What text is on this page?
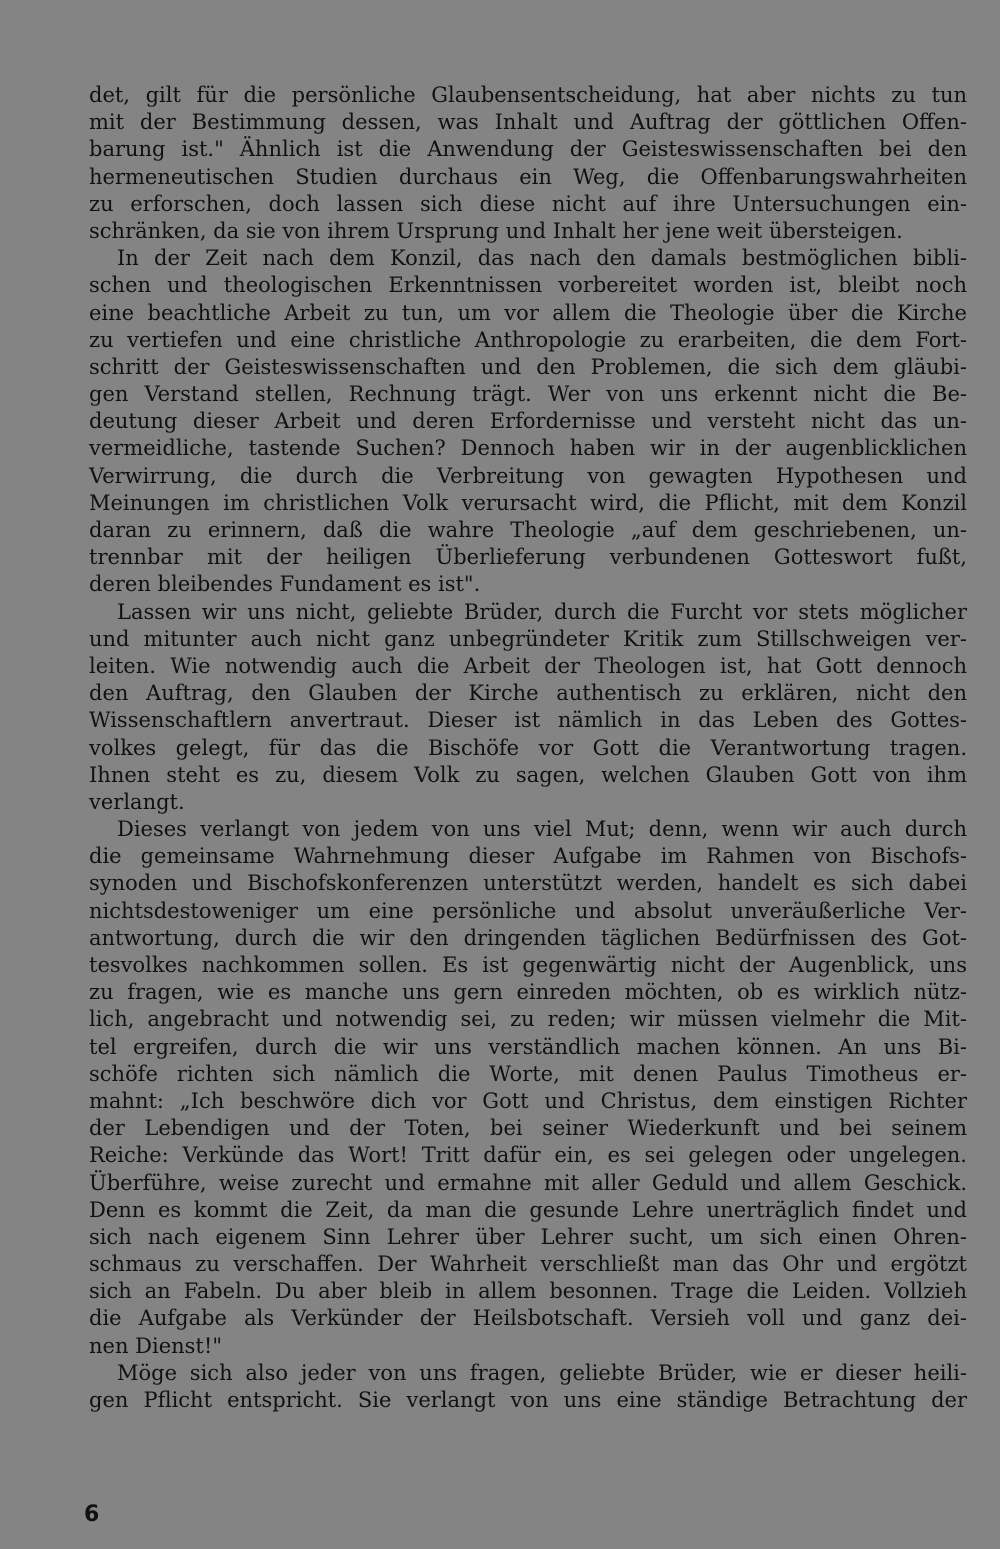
det, gilt für die persönliche Glaubensentscheidung, hat aber nichts zu tun
mit der Bestimmung dessen, was Inhalt und Auftrag der göttlichen Offen-
barung ist." Ähnlich ist die Anwendung der Geisteswissenschaften bei den
hermeneutischen Studien durchaus ein Weg, die Offenbarungswahrheiten
zu erforschen, doch lassen sich diese nicht auf ihre Untersuchungen ein-
schränken, da sie von ihrem Ursprung und Inhalt her jene weit übersteigen.
In der Zeit nach dem Konzil, das nach den damals bestmöglichen bibli-
schen und theologischen Erkenntnissen vorbereitet worden ist, bleibt noch
eine beachtliche Arbeit zu tun, um vor allem die Theologie über die Kirche
zu vertiefen und eine christliche Anthropologie zu erarbeiten, die dem Fort-
schritt der Geisteswissenschaften und den Problemen, die sich dem gläubi-
gen Verstand stellen, Rechnung trägt. Wer von uns erkennt nicht die Be-
deutung dieser Arbeit und deren Erfordernisse und versteht nicht das un-
vermeidliche, tastende Suchen? Dennoch haben wir in der augenblicklichen
Verwirrung, die durch die Verbreitung von gewagten Hypothesen und
Meinungen im christlichen Volk verursacht wird, die Pflicht, mit dem Konzil
daran zu erinnern, daß die wahre Theologie „auf dem geschriebenen, un-
trennbar mit der heiligen Überlieferung verbundenen Gotteswort fußt,
deren bleibendes Fundament es ist".
Lassen wir uns nicht, geliebte Brüder, durch die Furcht vor stets möglicher
und mitunter auch nicht ganz unbegründeter Kritik zum Stillschweigen ver-
leiten. Wie notwendig auch die Arbeit der Theologen ist, hat Gott dennoch
den Auftrag, den Glauben der Kirche authentisch zu erklären, nicht den
Wissenschaftlern anvertraut. Dieser ist nämlich in das Leben des Gottes-
volkes gelegt, für das die Bischöfe vor Gott die Verantwortung tragen.
Ihnen steht es zu, diesem Volk zu sagen, welchen Glauben Gott von ihm
verlangt.
Dieses verlangt von jedem von uns viel Mut; denn, wenn wir auch durch
die gemeinsame Wahrnehmung dieser Aufgabe im Rahmen von Bischofs-
synoden und Bischofskonferenzen unterstützt werden, handelt es sich dabei
nichtsdestoweniger um eine persönliche und absolut unveräußerliche Ver-
antwortung, durch die wir den dringenden täglichen Bedürfnissen des Got-
tesvolkes nachkommen sollen. Es ist gegenwärtig nicht der Augenblick, uns
zu fragen, wie es manche uns gern einreden möchten, ob es wirklich nütz-
lich, angebracht und notwendig sei, zu reden; wir müssen vielmehr die Mit-
tel ergreifen, durch die wir uns verständlich machen können. An uns Bi-
schöfe richten sich nämlich die Worte, mit denen Paulus Timotheus er-
mahnt: „Ich beschwöre dich vor Gott und Christus, dem einstigen Richter
der Lebendigen und der Toten, bei seiner Wiederkunft und bei seinem
Reiche: Verkünde das Wort! Tritt dafür ein, es sei gelegen oder ungelegen.
Überführe, weise zurecht und ermahne mit aller Geduld und allem Geschick.
Denn es kommt die Zeit, da man die gesunde Lehre unerträglich findet und
sich nach eigenem Sinn Lehrer über Lehrer sucht, um sich einen Ohren-
schmaus zu verschaffen. Der Wahrheit verschließt man das Ohr und ergötzt
sich an Fabeln. Du aber bleib in allem besonnen. Trage die Leiden. Vollzieh
die Aufgabe als Verkünder der Heilsbotschaft. Versieh voll und ganz dei-
nen Dienst!"
Möge sich also jeder von uns fragen, geliebte Brüder, wie er dieser heili-
gen Pflicht entspricht. Sie verlangt von uns eine ständige Betrachtung der
6
